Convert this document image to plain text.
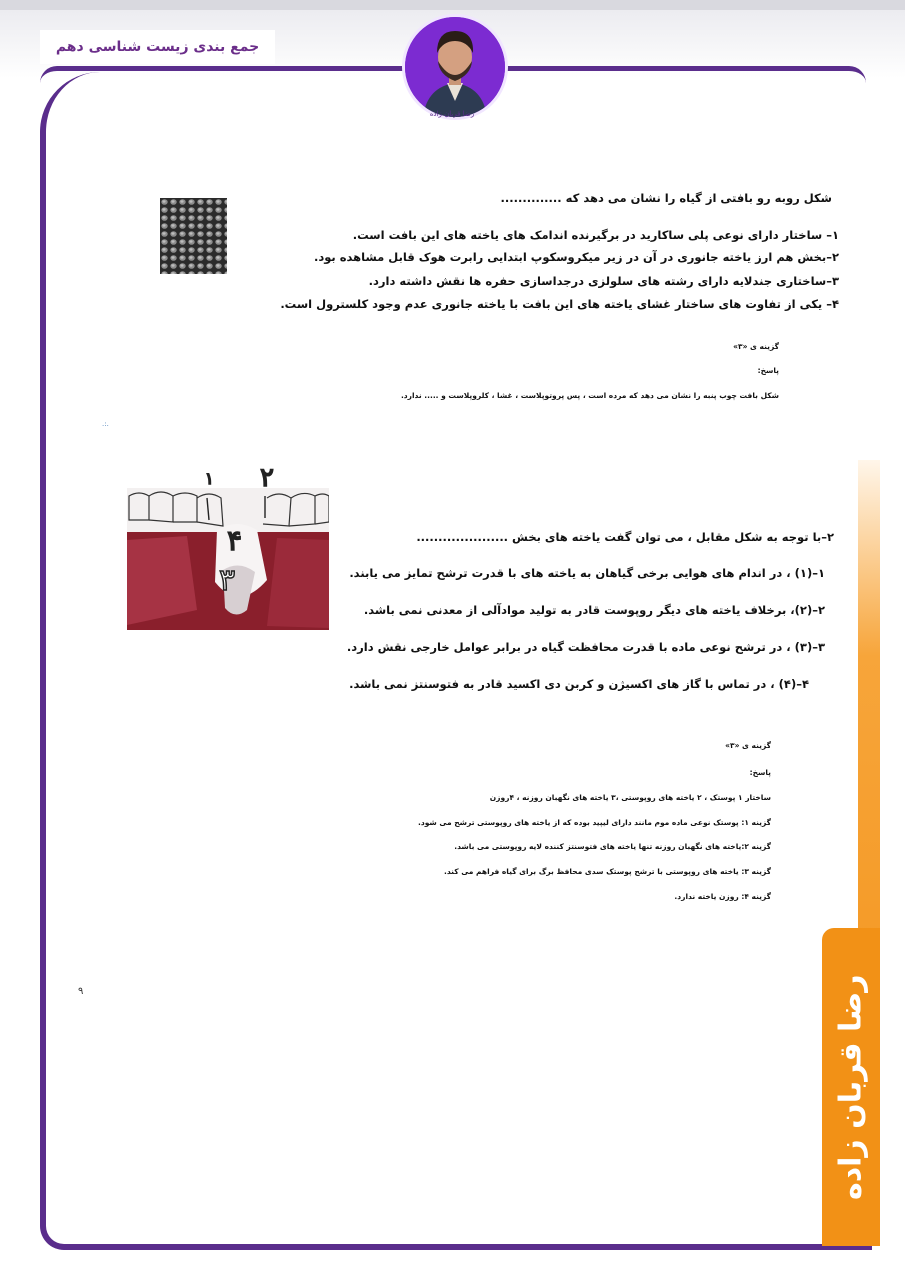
جمع بندی زیست شناسی دهم
رضا قربان زاده
رضا قربان زاده
شکل روبه رو بافتی از گیاه را نشان می دهد که ..............
۱– ساختار دارای نوعی پلی ساکارید در برگیرنده اندامک های یاخته های این بافت است.
۲–بخش هم ارز یاخته جانوری در آن در زیر میکروسکوپ ابتدایی رابرت هوک قابل مشاهده بود.
۳–ساختاری جندلایه دارای رشته های سلولزی درجداسازی حفره ها نقش داشته دارد.
۴– یکی از تفاوت های ساختار غشای یاخته های این بافت با یاخته جانوری عدم وجود کلسترول است.
گزینه ی «۳»
پاسخ:
شکل بافت چوب پنبه را نشان می دهد که مرده است ، پس پروتوپلاست ، غشا ، کلروپلاست و ..... ندارد.
.:.
۱ ۲
۴
۳
۲–با توجه به شکل مقابل ، می توان گفت یاخته های بخش .....................
۱–(۱) ، در اندام های هوایی برخی گیاهان به یاخته های با قدرت ترشح تمایز می یابند.
۲–(۲)، برخلاف یاخته های دیگر روپوست قادر به تولید موادآلی از معدنی نمی باشد.
۳–(۳) ، در ترشح نوعی ماده با قدرت محافظت گیاه در برابر عوامل خارجی نقش دارد.
۴–(۴) ، در تماس با گاز های اکسیژن و کربن دی اکسید قادر به فتوسنتز نمی باشد.
گزینه ی «۳»
پاسخ:
ساختار ۱ پوستک ، ۲ یاخته های روپوستی ،۳ یاخته های نگهبان روزنه ، ۴روزن
گزینه ۱: پوستک نوعی ماده موم مانند دارای لیپید بوده که از یاخته های روپوستی ترشح می شود.
گزینه ۲:یاخته های نگهبان روزنه تنها یاخته های فتوسنتز کننده لایه روپوستی می باشد.
گزینه ۳: یاخته های روپوستی با ترشح پوستک سدی محافظ برگ برای گیاه فراهم می کند.
گزینه ۴: روزن یاخته ندارد.
۹
